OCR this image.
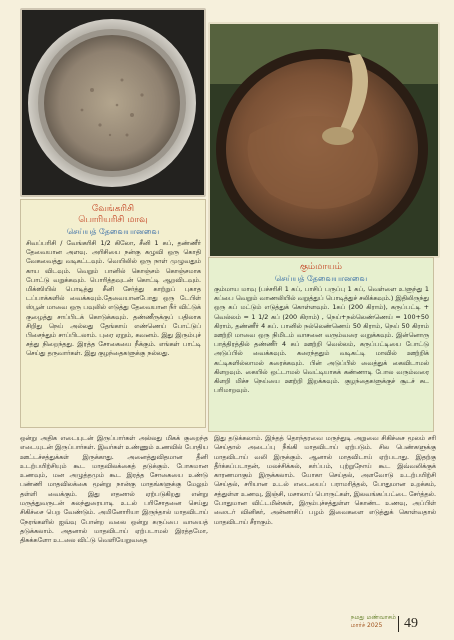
வேங்கரிசி
பொரியரிசி மாவு
செய்யத் தேவையானவை
சிவப்பரிசி / வேங்கரிசி 1/2 கிலோ, சீனி 1 கப், தண்ணீர் தேவையான அளவு. அரிசியை நன்கு கழுவி ஒரு கொதி வேகவைத்து வடிகட்டவும். வெயிலில் ஒரு நாள் முழுவதும் காய விடவும். வெறும் பானில் கொஞ்சம் கொஞ்சமாக போட்டு வறுக்கவும். பொரித்தவுடன் கொட்டி ஆறவிடவும். மிக்ஸியில் பொடித்து சீனி சேர்த்து காற்றுப் புகாத டப்பாக்களில் வைக்கவும்.தேவையானபோது ஒரு டேபிள் ஸ்பூன் மாவை ஒரு பவுலில் எடுத்து தேவையான நீர் விட்டுக் குழைத்து சாப்பிடக் கொடுக்கவும். தண்ணீருக்குப் பதிலாக சிறிது நெய் அல்லது தேங்காய் எண்ணெய் போட்டுப் பிசைந்தும் சாப்பிடலாம். புரை ஏறும், கவனம். இது இரும்புச் சத்து நிறைந்தது. இரத்த சோகையை நீக்கும். எங்கள் பாட்டி செய்து தருவார்கள். இது குழந்தைகளுக்கு நல்லது.
கும்மாயம்
செய்யத் தேவையானவை
கும்மாய மாவு (பச்சரிசி 1 கப், பாசிப் பருப்பு 1 கப், வெள்ளை உளுந்து 1 கப்பை வெறும் வாணலியில் வறுத்துப் பொடித்துச் சலிக்கவும்.) இதிலிருந்து ஒரு கப் மட்டும் எடுத்துக் கொள்ளவும். 1கப் (200 கிராம்), கருப்பட்டி + வெல்லம் = 1 1/2 கப் (200 கிராம்) , நெய்+நல்லெண்ணெய் = 100+50 கிராம், தண்ணீர் 4 கப். பானில் நல்லெண்ணெய் 50 கிராம், நெய் 50 கிராம் ஊற்றி மாவை ஒரு நிமிடம் வாசனை வரும்வரை வறுக்கவும். இன்னொரு பாத்திரத்தில் தண்ணீர் 4 கப் ஊற்றி வெல்லம், கருப்பட்டியை போட்டு அடுப்பில் வைக்கவும். கரைந்ததும் வடிகட்டி மாவில் ஊற்றிக் கட்டிகளில்லாமல் கரைக்கவும். பின் அடுப்பில் வைத்துக் கைவிடாமல் கிளறவும். கையில் ஒட்டாமல் வெட்டியாகக் கண்ணாடி போல வரும்வரை கிளறி மிச்ச நெய்யை ஊற்றி இறக்கவும். குழந்தைகளுக்குச் சூடச் சுட பரிமாறவும்.
ஒன்று அதிக எடையுடன் இருப்பார்கள் அல்லது மிகக் குறைந்த எடையுடன் இருப்பார்கள். இவர்கள் உண்ணும் உணவில் போதிய ஊட்டச்சத்துக்கள் இருக்காது. அனைத்துவிதமான தீனி உடற்பயிற்சியும் கூட மாதவிலக்கைத் தடுக்கும். போசுமான உணவும், மன அழுத்தமும் கூட இரத்த சோகையை உண்டு பண்ணி மாதவிலக்கை மூன்று நான்கு மாதங்களுக்கு மேலும் தள்ளி வைக்கும். இது எதனால் ஏற்படுகிறது என்று மருத்துவருடன் கலந்துரையாடி உடல் பரிசோதனை செய்து சிகிச்சை பெற வேண்டும். அமினோரியா இருந்தால் மாதவிடாய் நேரங்களில் ஐவ்வு போன்ற வலை ஒன்று கருப்பை வாயைத் தடுக்கலாம். அதனால் மாதவிடாய் ஏற்படாமல் இரத்தமோ, திசுக்களோ உடலை விட்டு வெளியேறுவதை
இது தடுக்கலாம். இந்தத் தொந்தரவை மருந்துடி அறுவை சிகிச்சை மூலம் சரி செய்தால் அடைப்பு நீங்கி மாதவிடாய் ஏற்படும். சில பெண்களுக்கு மாதவிடாய் வலி இருக்கும். ஆனால் மாதவிடாய் ஏற்படாது. இதற்கு தீர்க்கப்படாதன், மலச்சிக்கல், கர்ப்பம், புற்றுநோய் கூட இவ்வலிக்குக் காரணமாகும் இருக்கலாம். யோகா செய்தல், அளவோடு உடற்பயிற்சி செய்தல், சரியான உடல் எடையைப் பராமரித்தல், போதுமான உறக்கம், சத்துள்ள உணவு, இஞ்சி, மசாலாப் பொருட்கள், இலவங்கப்பட்டை சேர்த்தல். போதுமான விட்டமின்கள், இரும்புச்சத்துள்ள கொண்ட உணவு, அப்பிள் ஸைடர் வினிகர், அன்னாசிப் பழம் இவைகளை எடுத்துக் கொள்வதால் மாதவிடாய் சீராகும்.
நமது மண்வாசம்
மார்ச் 2025	49
